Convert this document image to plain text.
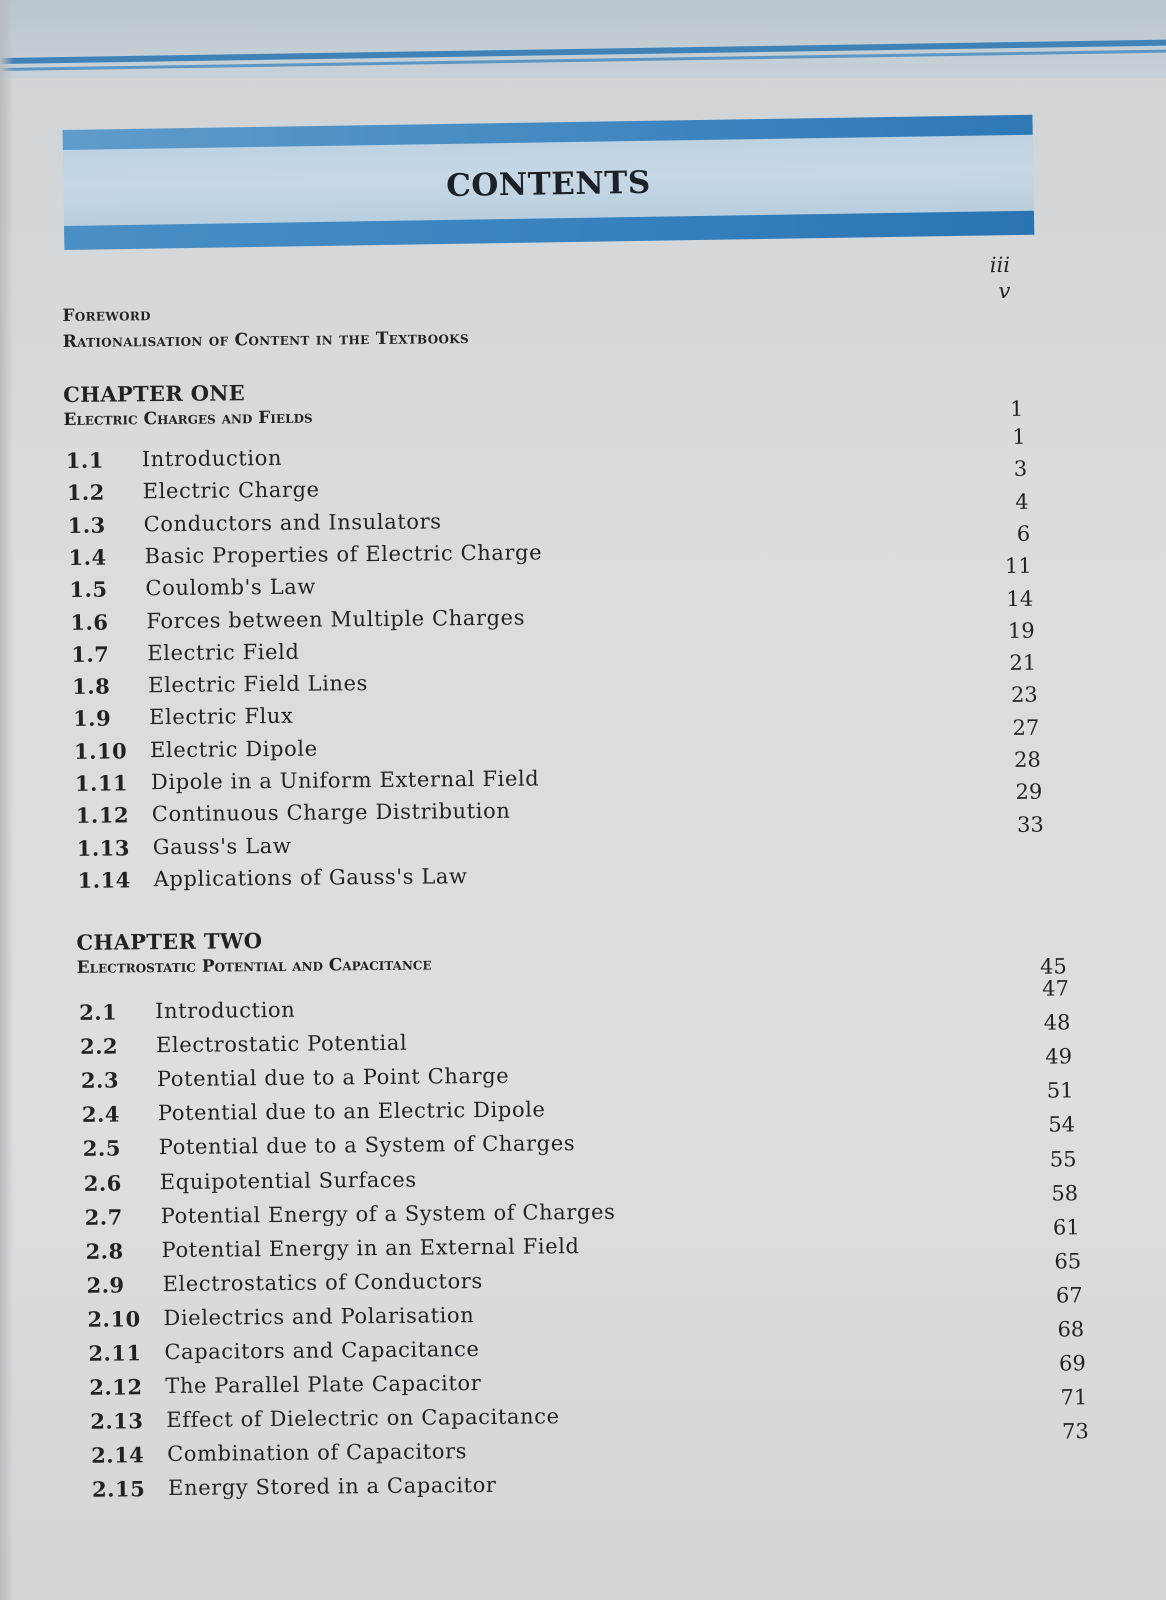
CONTENTS
Foreword
iii
Rationalisation of Content in the Textbooks
v
CHAPTER ONE
Electric Charges and Fields	1
1.1 Introduction
1
1.2 Electric Charge
3
1.3 Conductors and Insulators
4
1.4 Basic Properties of Electric Charge
6
1.5 Coulomb's Law
11
1.6 Forces between Multiple Charges
14
1.7 Electric Field
19
1.8 Electric Field Lines
21
1.9 Electric Flux
23
1.10 Electric Dipole
27
1.11 Dipole in a Uniform External Field
28
1.12 Continuous Charge Distribution
29
1.13 Gauss's Law
33
1.14 Applications of Gauss's Law
CHAPTER TWO
Electrostatic Potential and Capacitance	45
2.1 Introduction
47
2.2 Electrostatic Potential
48
2.3 Potential due to a Point Charge
49
2.4 Potential due to an Electric Dipole
51
2.5 Potential due to a System of Charges
54
2.6 Equipotential Surfaces
55
2.7 Potential Energy of a System of Charges
58
2.8 Potential Energy in an External Field
61
2.9 Electrostatics of Conductors
65
2.10 Dielectrics and Polarisation
67
2.11 Capacitors and Capacitance
68
2.12 The Parallel Plate Capacitor
69
2.13 Effect of Dielectric on Capacitance
71
2.14 Combination of Capacitors
73
2.15 Energy Stored in a Capacitor
